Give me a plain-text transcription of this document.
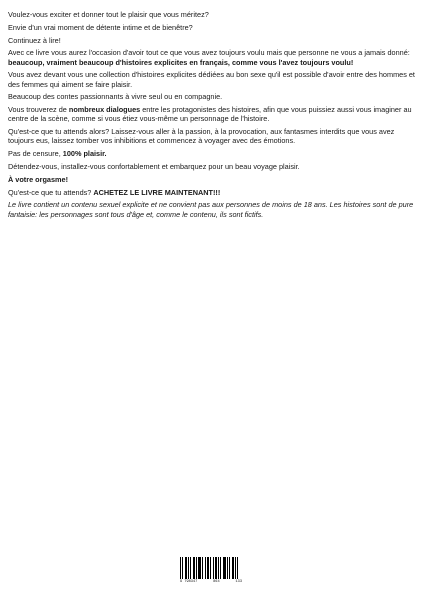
Voulez-vous exciter et donner tout le plaisir que vous méritez?

Envie d'un vrai moment de détente intime et de bienêtre?

Continuez à lire!

Avec ce livre vous aurez l'occasion d'avoir tout ce que vous avez toujours voulu mais que personne ne vous a jamais donné: beaucoup, vraiment beaucoup d'histoires explicites en français, comme vous l'avez toujours voulu!

Vous avez devant vous une collection d'histoires explicites dédiées au bon sexe qu'il est possible d'avoir entre des hommes et des femmes qui aiment se faire plaisir.

Beaucoup des contes passionnants à vivre seul ou en compagnie.

Vous trouverez de nombreux dialogues entre les protagonistes des histoires, afin que vous puissiez aussi vous imaginer au centre de la scène, comme si vous étiez vous-même un personnage de l'histoire.

Qu'est-ce que tu attends alors? Laissez-vous aller à la passion, à la provocation, aux fantasmes interdits que vous avez toujours eus, laissez tomber vos inhibitions et commencez à voyager avec des émotions.

Pas de censure, 100% plaisir.

Détendez-vous, installez-vous confortablement et embarquez pour un beau voyage plaisir.

À votre orgasme!

Qu'est-ce que tu attends? ACHETEZ LE LIVRE MAINTENANT!!!

Le livre contient un contenu sexuel explicite et ne convient pas aux personnes de moins de 18 ans. Les histoires sont de pure fantaisie: les personnages sont tous d'âge et, comme le contenu, ils sont fictifs.

9 798347	864	133
